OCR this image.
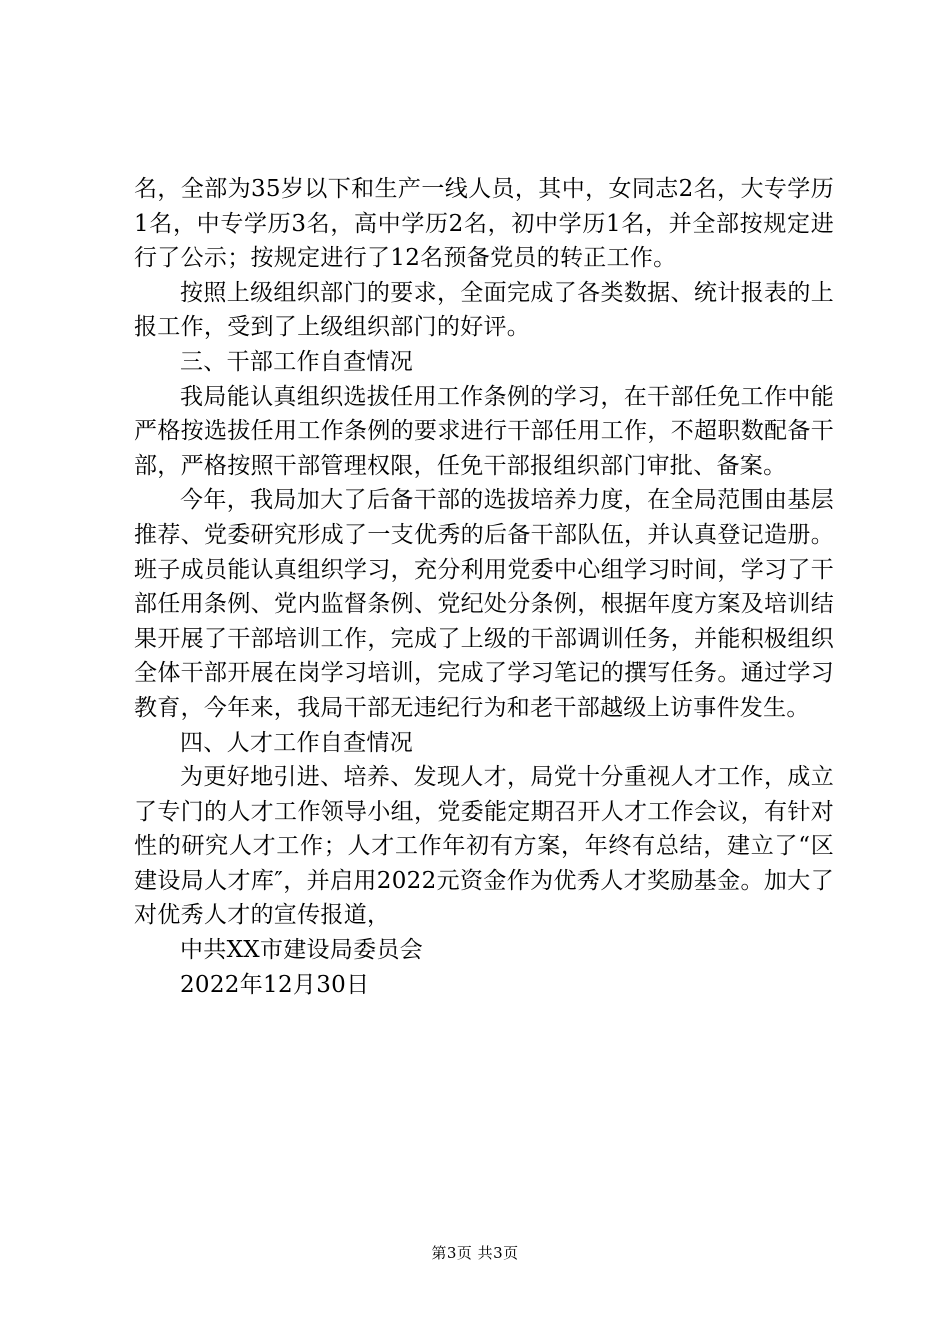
名，全部为35岁以下和生产一线人员，其中，女同志2名，大专学历1名，中专学历3名，高中学历2名，初中学历1名，并全部按规定进行了公示；按规定进行了12名预备党员的转正工作。

按照上级组织部门的要求，全面完成了各类数据、统计报表的上报工作，受到了上级组织部门的好评。

三、干部工作自查情况

我局能认真组织选拔任用工作条例的学习，在干部任免工作中能严格按选拔任用工作条例的要求进行干部任用工作，不超职数配备干部，严格按照干部管理权限，任免干部报组织部门审批、备案。

今年，我局加大了后备干部的选拔培养力度，在全局范围由基层推荐、党委研究形成了一支优秀的后备干部队伍，并认真登记造册。班子成员能认真组织学习，充分利用党委中心组学习时间，学习了干部任用条例、党内监督条例、党纪处分条例，根据年度方案及培训结果开展了干部培训工作，完成了上级的干部调训任务，并能积极组织全体干部开展在岗学习培训，完成了学习笔记的撰写任务。通过学习教育，今年来，我局干部无违纪行为和老干部越级上访事件发生。

四、人才工作自查情况

为更好地引进、培养、发现人才，局党十分重视人才工作，成立了专门的人才工作领导小组，党委能定期召开人才工作会议，有针对性的研究人才工作；人才工作年初有方案，年终有总结，建立了“区建设局人才库″，并启用2022元资金作为优秀人才奖励基金。加大了对优秀人才的宣传报道，

中共XX市建设局委员会

2022年12月30日

第3页 共3页
